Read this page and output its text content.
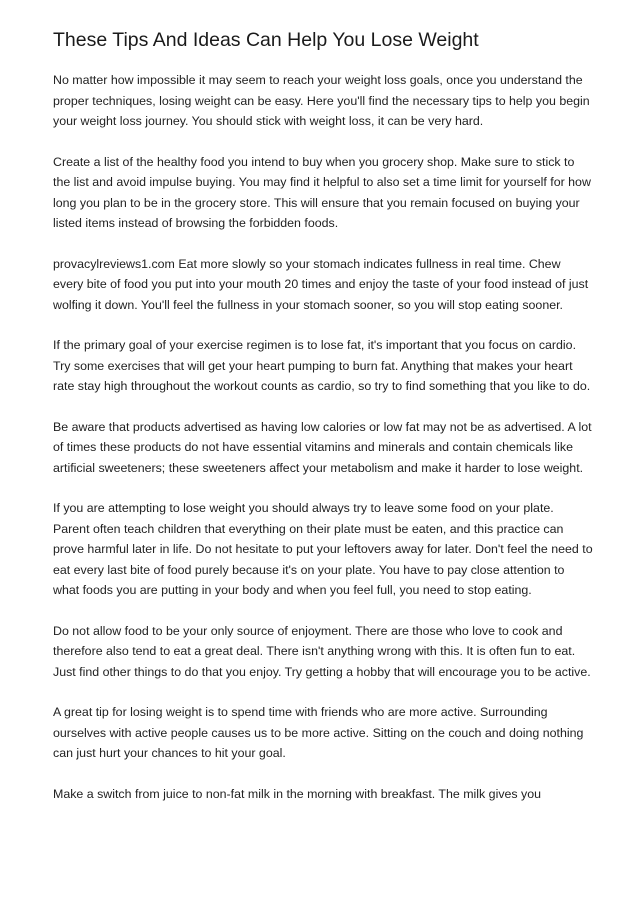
These Tips And Ideas Can Help You Lose Weight

No matter how impossible it may seem to reach your weight loss goals, once you understand the proper techniques, losing weight can be easy. Here you'll find the necessary tips to help you begin your weight loss journey. You should stick with weight loss, it can be very hard.

Create a list of the healthy food you intend to buy when you grocery shop. Make sure to stick to the list and avoid impulse buying. You may find it helpful to also set a time limit for yourself for how long you plan to be in the grocery store. This will ensure that you remain focused on buying your listed items instead of browsing the forbidden foods.

provacylreviews1.com Eat more slowly so your stomach indicates fullness in real time. Chew every bite of food you put into your mouth 20 times and enjoy the taste of your food instead of just wolfing it down. You'll feel the fullness in your stomach sooner, so you will stop eating sooner.

If the primary goal of your exercise regimen is to lose fat, it's important that you focus on cardio. Try some exercises that will get your heart pumping to burn fat. Anything that makes your heart rate stay high throughout the workout counts as cardio, so try to find something that you like to do.

Be aware that products advertised as having low calories or low fat may not be as advertised. A lot of times these products do not have essential vitamins and minerals and contain chemicals like artificial sweeteners; these sweeteners affect your metabolism and make it harder to lose weight.

If you are attempting to lose weight you should always try to leave some food on your plate. Parent often teach children that everything on their plate must be eaten, and this practice can prove harmful later in life. Do not hesitate to put your leftovers away for later. Don't feel the need to eat every last bite of food purely because it's on your plate. You have to pay close attention to what foods you are putting in your body and when you feel full, you need to stop eating.

Do not allow food to be your only source of enjoyment. There are those who love to cook and therefore also tend to eat a great deal. There isn't anything wrong with this. It is often fun to eat. Just find other things to do that you enjoy. Try getting a hobby that will encourage you to be active.

A great tip for losing weight is to spend time with friends who are more active. Surrounding ourselves with active people causes us to be more active. Sitting on the couch and doing nothing can just hurt your chances to hit your goal.

Make a switch from juice to non-fat milk in the morning with breakfast. The milk gives you
